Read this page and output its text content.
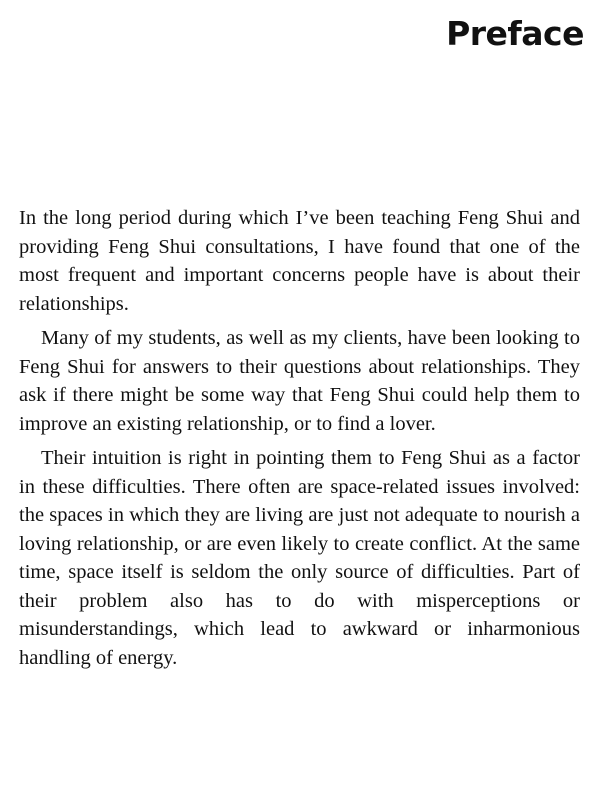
Preface

In the long period during which I’ve been teaching Feng Shui and providing Feng Shui consultations, I have found that one of the most frequent and important concerns people have is about their relationships.

Many of my students, as well as my clients, have been looking to Feng Shui for answers to their questions about relationships. They ask if there might be some way that Feng Shui could help them to improve an existing relationship, or to find a lover.

Their intuition is right in pointing them to Feng Shui as a factor in these difficulties. There often are space-related issues involved: the spaces in which they are living are just not adequate to nourish a loving relationship, or are even likely to create conflict. At the same time, space itself is seldom the only source of difficulties. Part of their problem also has to do with misperceptions or misunderstandings, which lead to awkward or inharmonious handling of energy.
